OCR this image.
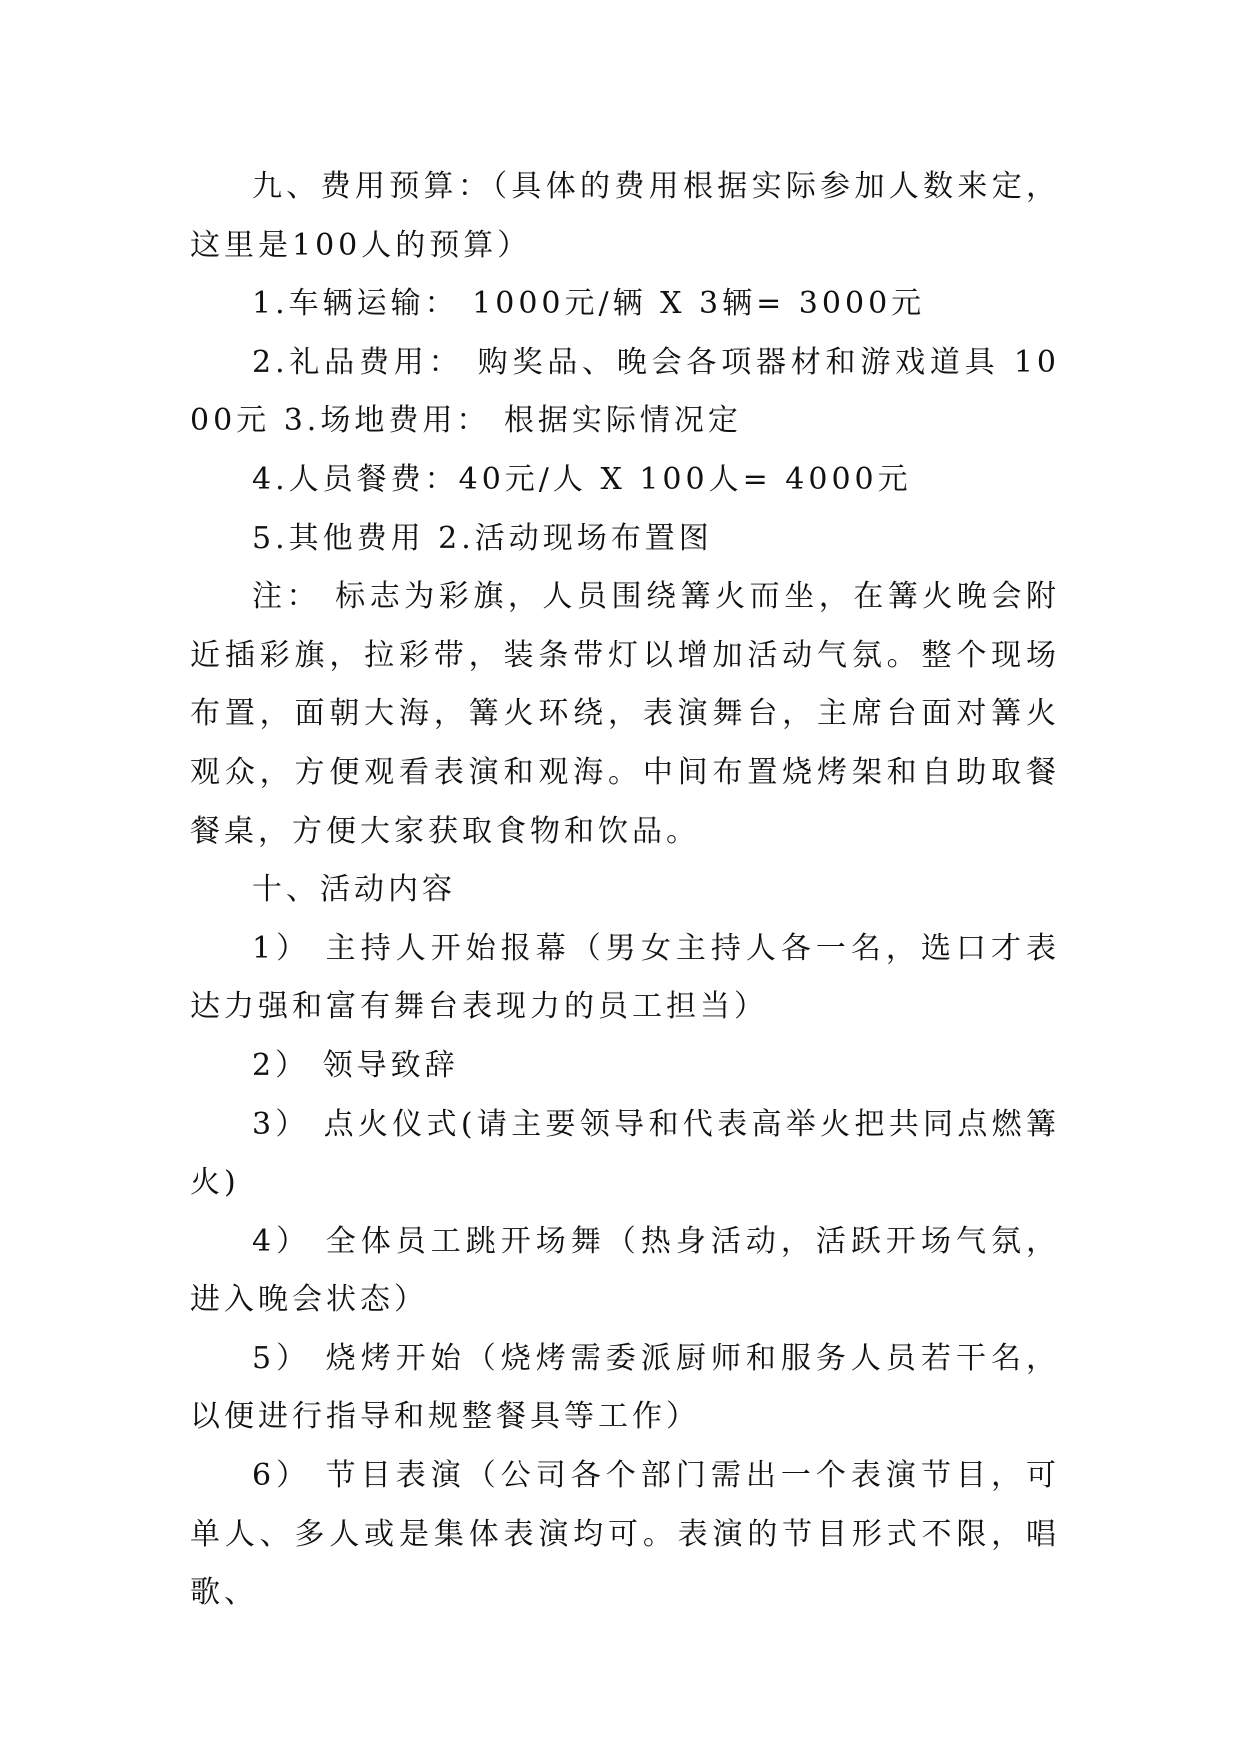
九、费用预算：（具体的费用根据实际参加人数来定，这里是100人的预算）

1.车辆运输： 1000元/辆 X 3辆= 3000元

2.礼品费用： 购奖品、晚会各项器材和游戏道具 1000元 3.场地费用： 根据实际情况定

4.人员餐费：40元/人 X 100人= 4000元

5.其他费用 2.活动现场布置图

注： 标志为彩旗，人员围绕篝火而坐，在篝火晚会附近插彩旗，拉彩带，装条带灯以增加活动气氛。整个现场布置，面朝大海，篝火环绕，表演舞台，主席台面对篝火观众，方便观看表演和观海。中间布置烧烤架和自助取餐餐桌，方便大家获取食物和饮品。

十、活动内容

1） 主持人开始报幕（男女主持人各一名，选口才表达力强和富有舞台表现力的员工担当）

2） 领导致辞

3） 点火仪式(请主要领导和代表高举火把共同点燃篝火)

4） 全体员工跳开场舞（热身活动，活跃开场气氛，进入晚会状态）

5） 烧烤开始（烧烤需委派厨师和服务人员若干名，以便进行指导和规整餐具等工作）

6） 节目表演（公司各个部门需出一个表演节目，可单人、多人或是集体表演均可。表演的节目形式不限，唱歌、
